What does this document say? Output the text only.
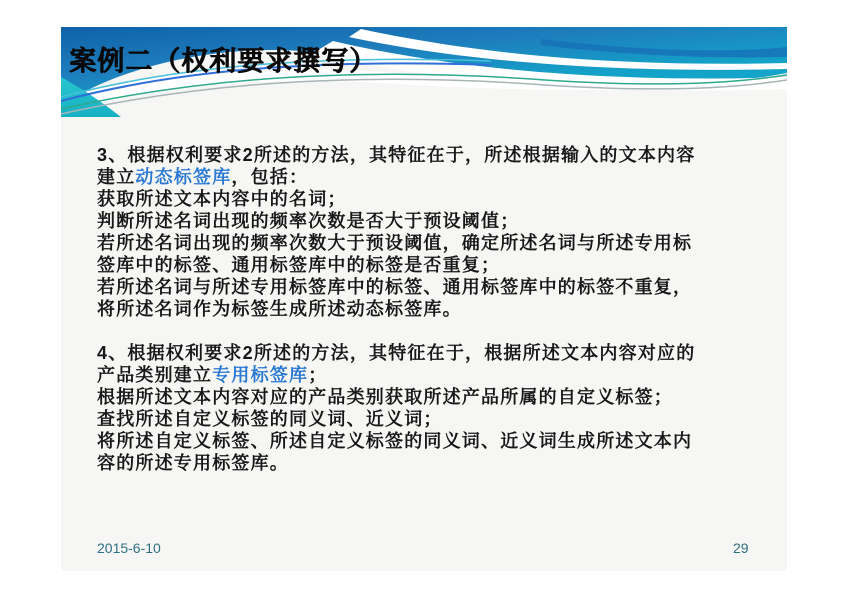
案例二（权利要求撰写）
3、根据权利要求2所述的方法，其特征在于，所述根据输入的文本内容
建立动态标签库，包括：
获取所述文本内容中的名词；
判断所述名词出现的频率次数是否大于预设阈值；
若所述名词出现的频率次数大于预设阈值，确定所述名词与所述专用标
签库中的标签、通用标签库中的标签是否重复；
若所述名词与所述专用标签库中的标签、通用标签库中的标签不重复，
将所述名词作为标签生成所述动态标签库。
4、根据权利要求2所述的方法，其特征在于，根据所述文本内容对应的
产品类别建立专用标签库；
根据所述文本内容对应的产品类别获取所述产品所属的自定义标签；
查找所述自定义标签的同义词、近义词；
将所述自定义标签、所述自定义标签的同义词、近义词生成所述文本内
容的所述专用标签库。
2015-6-10	29
